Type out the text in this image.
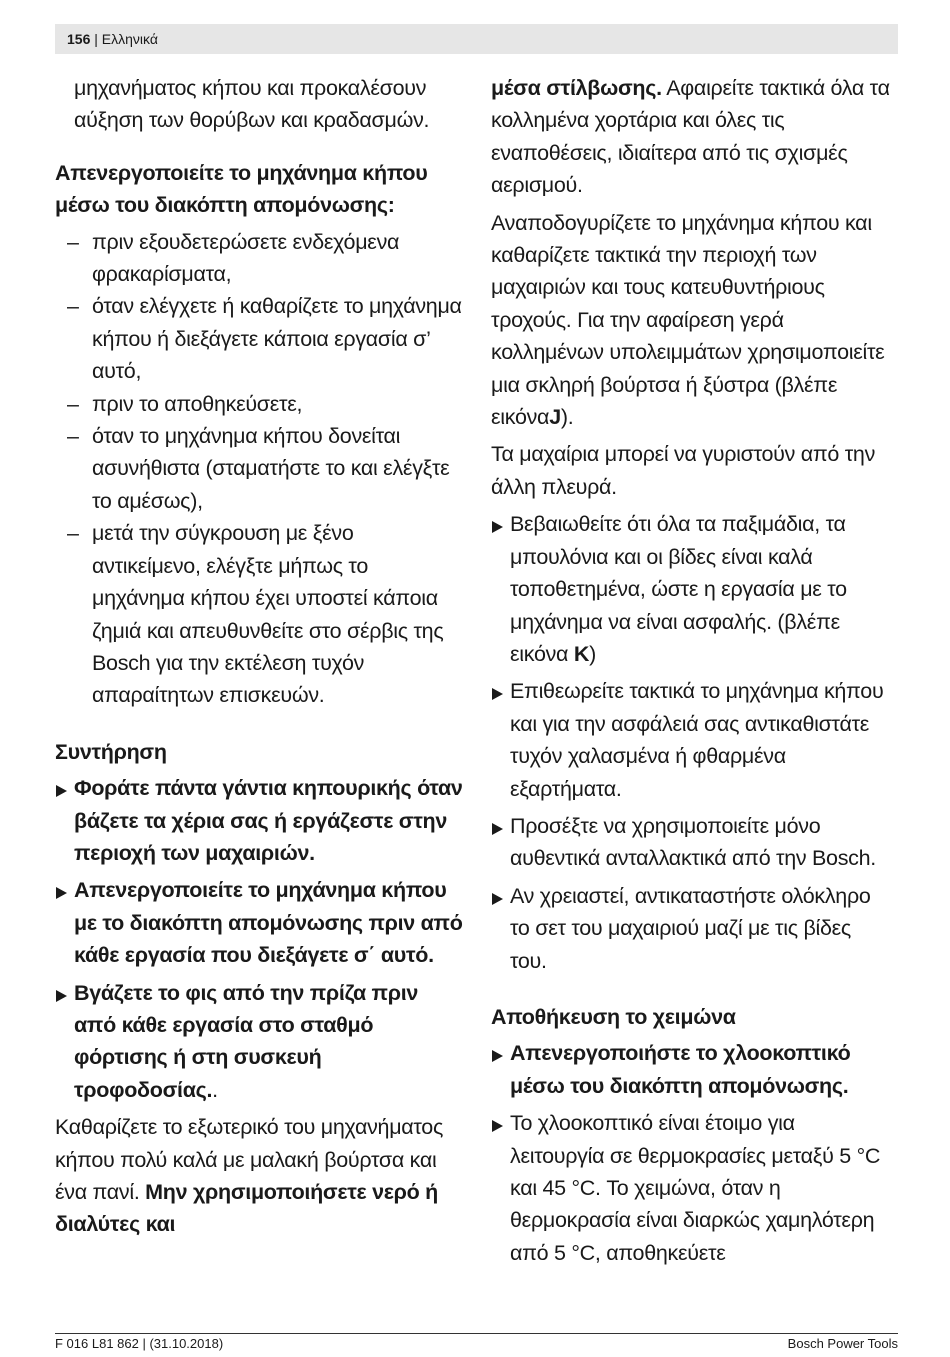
156 | Ελληνικά

μηχανήματος κήπου και προκαλέσουν αύξηση των θορύβων και κραδασμών.

Απενεργοποιείτε το μηχάνημα κήπου μέσω του διακόπτη απομόνωσης:
– πριν εξουδετερώσετε ενδεχόμενα φρακαρίσματα,
– όταν ελέγχετε ή καθαρίζετε το μηχάνημα κήπου ή διεξάγετε κάποια εργασία σ’ αυτό,
– πριν το αποθηκεύσετε,
– όταν το μηχάνημα κήπου δονείται ασυνήθιστα (σταματήστε το και ελέγξτε το αμέσως),
– μετά την σύγκρουση με ξένο αντικείμενο, ελέγξτε μήπως το μηχάνημα κήπου έχει υποστεί κάποια ζημιά και απευθυνθείτε στο σέρβις της Bosch για την εκτέλεση τυχόν απαραίτητων επισκευών.
Συντήρηση
Φοράτε πάντα γάντια κηπουρικής όταν βάζετε τα χέρια σας ή εργάζεστε στην περιοχή των μαχαιριών.
Απενεργοποιείτε το μηχάνημα κήπου με το διακόπτη απομόνωσης πριν από κάθε εργασία που διεξάγετε σ΄ αυτό.
Βγάζετε το φις από την πρίζα πριν από κάθε εργασία στο σταθμό φόρτισης ή στη συσκευή τροφοδοσίας..

Καθαρίζετε το εξωτερικό του μηχανήματος κήπου πολύ καλά με μαλακή βούρτσα και ένα πανί. Μην χρησιμοποιήσετε νερό ή διαλύτες και

μέσα στίλβωσης. Αφαιρείτε τακτικά όλα τα κολλημένα χορτάρια και όλες τις εναποθέσεις, ιδιαίτερα από τις σχισμές αερισμού.

Αναποδογυρίζετε το μηχάνημα κήπου και καθαρίζετε τακτικά την περιοχή των μαχαιριών και τους κατευθυντήριους τροχούς. Για την αφαίρεση γερά κολλημένων υπολειμμάτων χρησιμοποιείτε μια σκληρή βούρτσα ή ξύστρα (βλέπε εικόναJ).

Τα μαχαίρια μπορεί να γυριστούν από την άλλη πλευρά.

Βεβαιωθείτε ότι όλα τα παξιμάδια, τα μπουλόνια και οι βίδες είναι καλά τοποθετημένα, ώστε η εργασία με το μηχάνημα να είναι ασφαλής. (βλέπε εικόνα K)
Επιθεωρείτε τακτικά το μηχάνημα κήπου και για την ασφάλειά σας αντικαθιστάτε τυχόν χαλασμένα ή φθαρμένα εξαρτήματα.
Προσέξτε να χρησιμοποιείτε μόνο αυθεντικά ανταλλακτικά από την Bosch.
Αν χρειαστεί, αντικαταστήστε ολόκληρο το σετ του μαχαιριού μαζί με τις βίδες του.
Αποθήκευση το χειμώνα
Απενεργοποιήστε το χλοοκοπτικό μέσω του διακόπτη απομόνωσης.
Το χλοοκοπτικό είναι έτοιμο για λειτουργία σε θερμοκρασίες μεταξύ 5 °C και 45 °C. Το χειμώνα, όταν η θερμοκρασία είναι διαρκώς χαμηλότερη από 5 °C, αποθηκεύετε
F 016 L81 862 | (31.10.2018)	Bosch Power Tools
